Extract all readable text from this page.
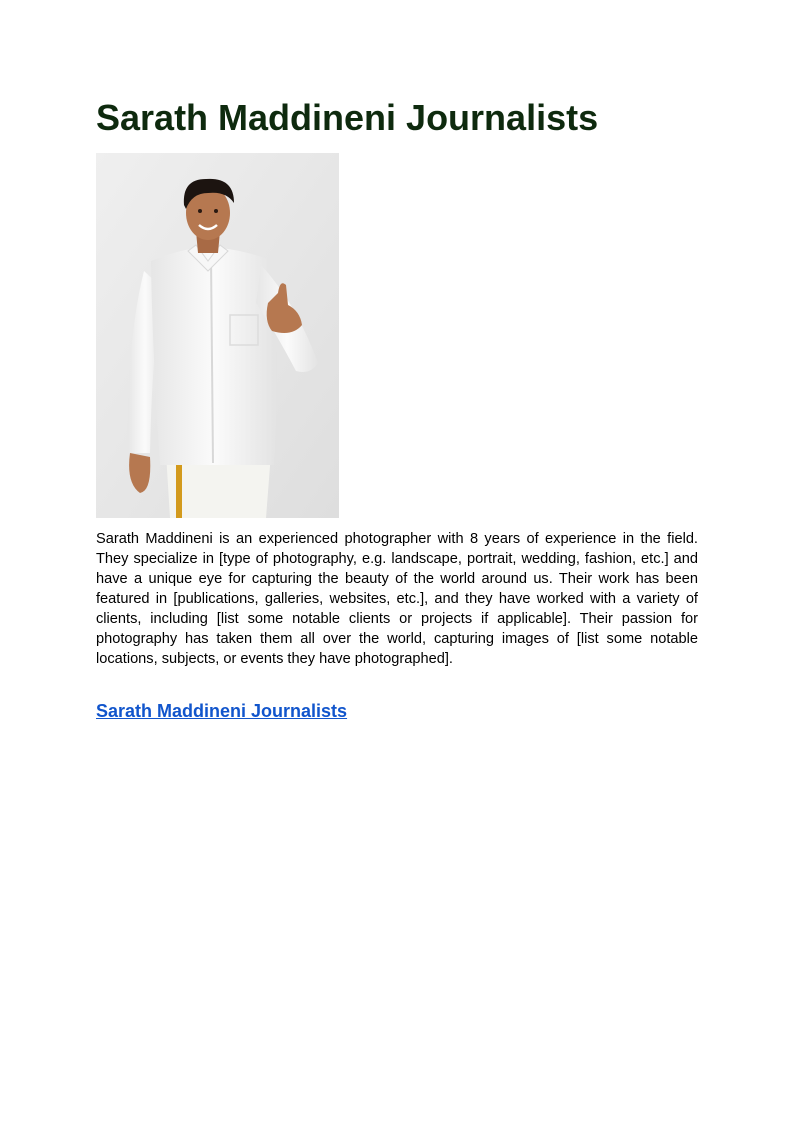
Sarath Maddineni Journalists

Sarath Maddineni is an experienced photographer with 8 years of experience in the field. They specialize in [type of photography, e.g. landscape, portrait, wedding, fashion, etc.] and have a unique eye for capturing the beauty of the world around us. Their work has been featured in [publications, galleries, websites, etc.], and they have worked with a variety of clients, including [list some notable clients or projects if applicable]. Their passion for photography has taken them all over the world, capturing images of [list some notable locations, subjects, or events they have photographed].

Sarath Maddineni Journalists
